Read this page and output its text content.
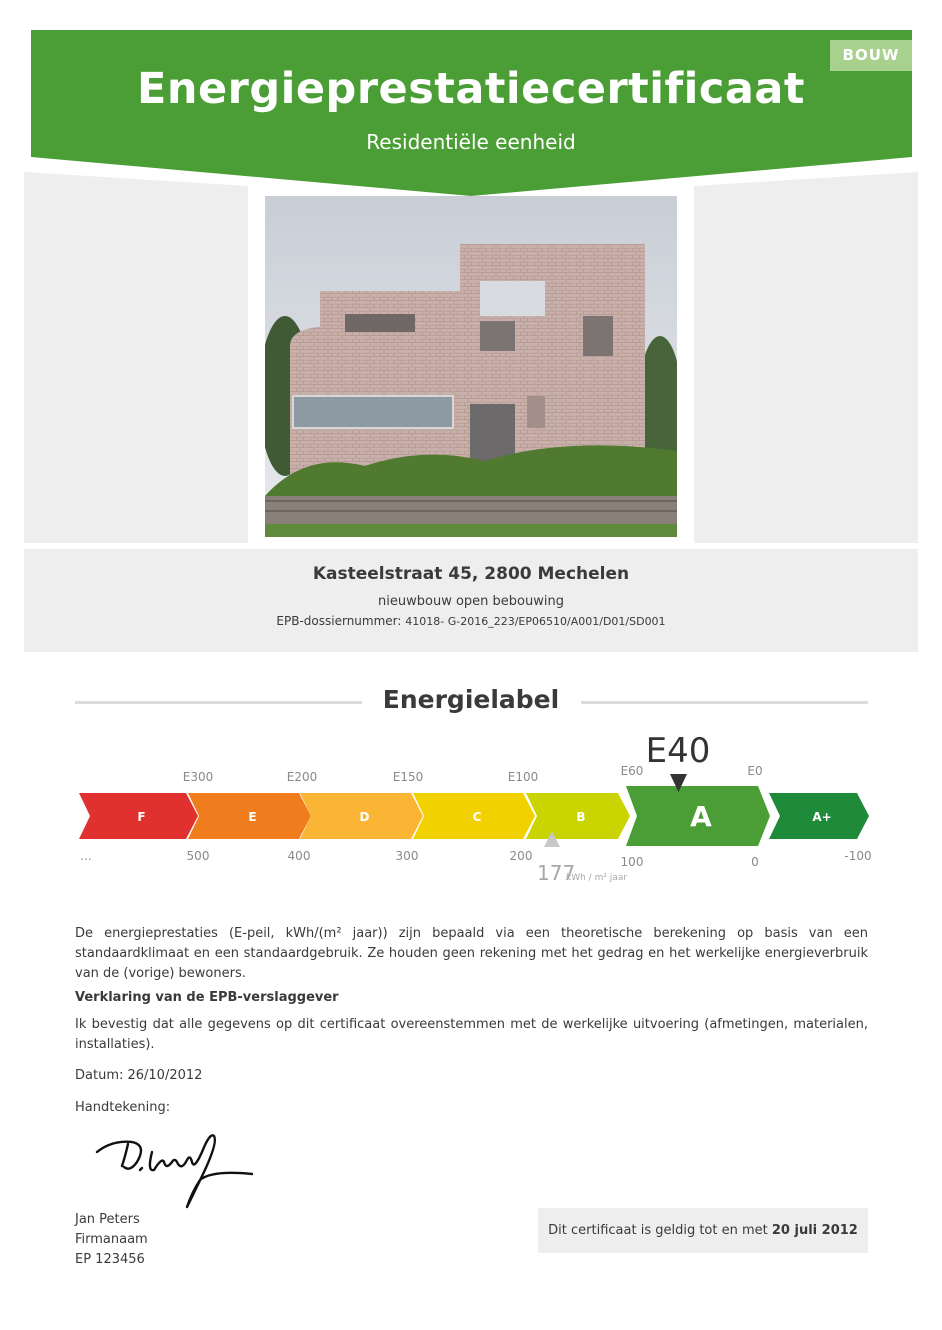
BOUW
Energieprestatiecertificaat
Residentiële eenheid
Kasteelstraat 45, 2800 Mechelen
nieuwbouw open bebouwing
EPB-dossiernummer: 41018- G-2016_223/EP06510/A001/D01/SD001
Energielabel
F	E	D	C	B	A	A+
E300	E200	E150	E100	E60	E0
...	500	400	300	200	100	0	-100
E40
177
kWh / m² jaar
De energieprestaties (E-peil, kWh/(m² jaar)) zijn bepaald via een theoretische berekening op basis van een standaardklimaat en een standaardgebruik. Ze houden geen rekening met het gedrag en het werkelijke energieverbruik van de (vorige) bewoners.
Verklaring van de EPB-verslaggever
Ik bevestig dat alle gegevens op dit certificaat overeenstemmen met de werkelijke uitvoering (afmetingen, materialen, installaties).
Datum: 26/10/2012
Handtekening:
Jan Peters
Firmanaam
EP 123456
Dit certificaat is geldig tot en met 20 juli 2012
